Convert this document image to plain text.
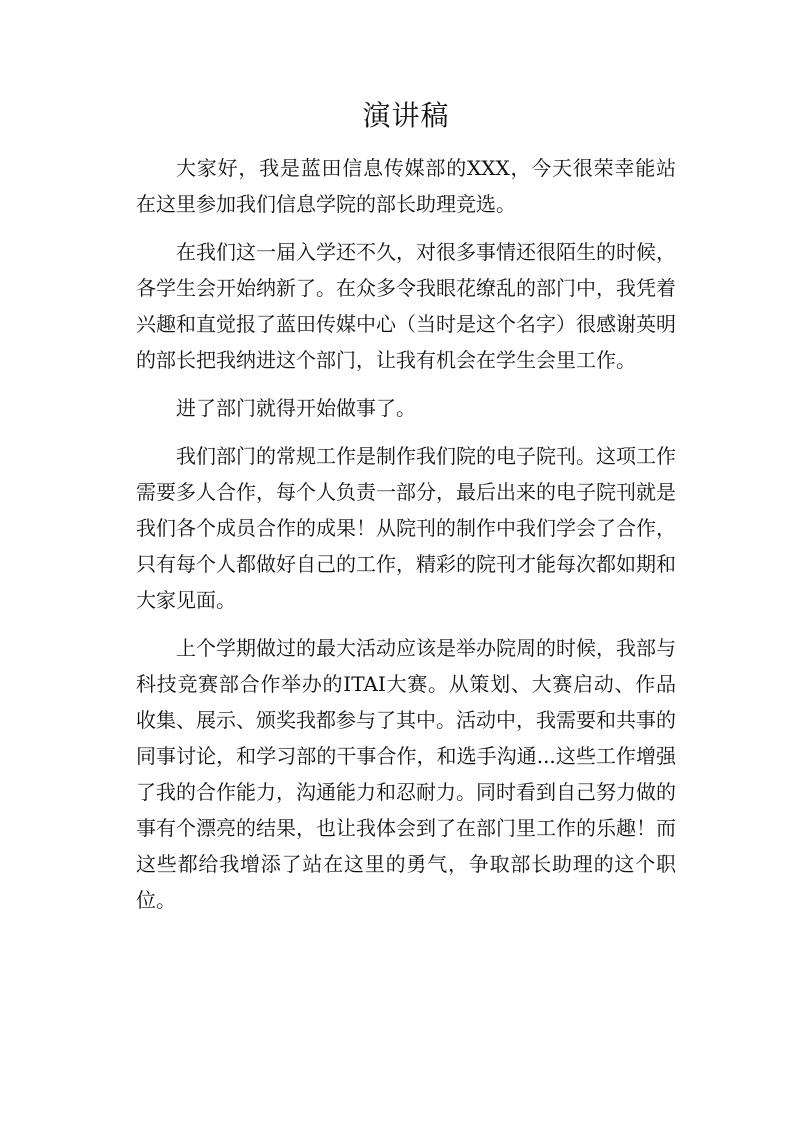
演讲稿

大家好，我是蓝田信息传媒部的XXX，今天很荣幸能站在这里参加我们信息学院的部长助理竞选。

在我们这一届入学还不久，对很多事情还很陌生的时候，各学生会开始纳新了。在众多令我眼花缭乱的部门中，我凭着兴趣和直觉报了蓝田传媒中心（当时是这个名字）很感谢英明的部长把我纳进这个部门，让我有机会在学生会里工作。

进了部门就得开始做事了。

我们部门的常规工作是制作我们院的电子院刊。这项工作需要多人合作，每个人负责一部分，最后出来的电子院刊就是我们各个成员合作的成果！从院刊的制作中我们学会了合作，只有每个人都做好自己的工作，精彩的院刊才能每次都如期和大家见面。

上个学期做过的最大活动应该是举办院周的时候，我部与科技竞赛部合作举办的ITAI大赛。从策划、大赛启动、作品收集、展示、颁奖我都参与了其中。活动中，我需要和共事的同事讨论，和学习部的干事合作，和选手沟通...这些工作增强了我的合作能力，沟通能力和忍耐力。同时看到自己努力做的事有个漂亮的结果，也让我体会到了在部门里工作的乐趣！而这些都给我增添了站在这里的勇气，争取部长助理的这个职位。
